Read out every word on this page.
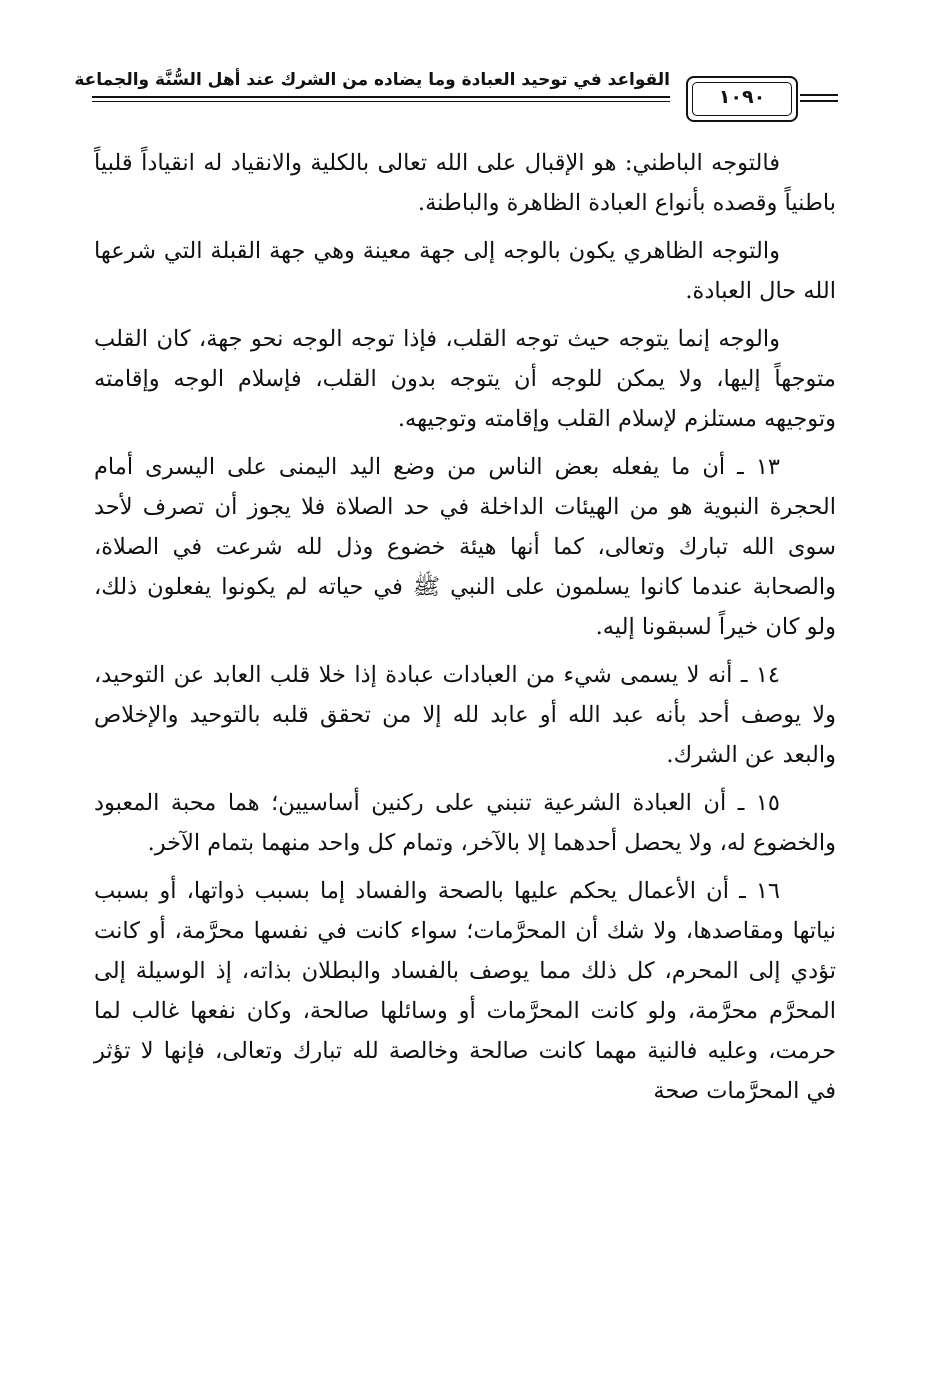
القواعد في توحيد العبادة وما يضاده من الشرك عند أهل السُّنَّة والجماعة
١٠٩٠

فالتوجه الباطني: هو الإقبال على الله تعالى بالكلية والانقياد له انقياداً قلبياً باطنياً وقصده بأنواع العبادة الظاهرة والباطنة.

والتوجه الظاهري يكون بالوجه إلى جهة معينة وهي جهة القبلة التي شرعها الله حال العبادة.

والوجه إنما يتوجه حيث توجه القلب، فإذا توجه الوجه نحو جهة، كان القلب متوجهاً إليها، ولا يمكن للوجه أن يتوجه بدون القلب، فإسلام الوجه وإقامته وتوجيهه مستلزم لإسلام القلب وإقامته وتوجيهه.

١٣ ـ أن ما يفعله بعض الناس من وضع اليد اليمنى على اليسرى أمام الحجرة النبوية هو من الهيئات الداخلة في حد الصلاة فلا يجوز أن تصرف لأحد سوى الله تبارك وتعالى، كما أنها هيئة خضوع وذل لله شرعت في الصلاة، والصحابة عندما كانوا يسلمون على النبي ﷺ في حياته لم يكونوا يفعلون ذلك، ولو كان خيراً لسبقونا إليه.

١٤ ـ أنه لا يسمى شيء من العبادات عبادة إذا خلا قلب العابد عن التوحيد، ولا يوصف أحد بأنه عبد الله أو عابد لله إلا من تحقق قلبه بالتوحيد والإخلاص والبعد عن الشرك.

١٥ ـ أن العبادة الشرعية تنبني على ركنين أساسيين؛ هما محبة المعبود والخضوع له، ولا يحصل أحدهما إلا بالآخر، وتمام كل واحد منهما بتمام الآخر.

١٦ ـ أن الأعمال يحكم عليها بالصحة والفساد إما بسبب ذواتها، أو بسبب نياتها ومقاصدها، ولا شك أن المحرَّمات؛ سواء كانت في نفسها محرَّمة، أو كانت تؤدي إلى المحرم، كل ذلك مما يوصف بالفساد والبطلان بذاته، إذ الوسيلة إلى المحرَّم محرَّمة، ولو كانت المحرَّمات أو وسائلها صالحة، وكان نفعها غالب لما حرمت، وعليه فالنية مهما كانت صالحة وخالصة لله تبارك وتعالى، فإنها لا تؤثر في المحرَّمات صحة
